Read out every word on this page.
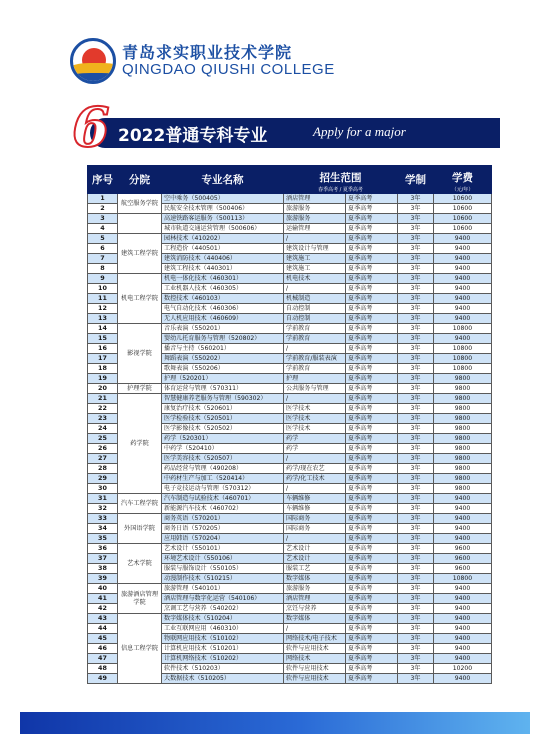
青岛求实职业技术学院
QINGDAO QIUSHI COLLEGE
6 2022普通专科专业	Apply for a major
序号	分院	专业名称	招生范围
春季高考 / 夏季高考		学制	学费
（元/年）

1	航空服务学院	空中乘务（500405）	酒店管理	夏季高考	3年	10600
2		民航安全技术管理（500406）	旅游服务	夏季高考	3年	10600
3		高速铁路客运服务（500113）	旅游服务	夏季高考	3年	10600
4		城市轨道交通运营管理（500606）	运输管理	夏季高考	3年	10600
5	建筑工程学院	园林技术（410202）	/	夏季高考	3年	9400
6		工程造价（440501）	建筑设计与管理	夏季高考	3年	9400
7		建筑消防技术（440406）	建筑施工	夏季高考	3年	9400
8		建筑工程技术（440301）	建筑施工	夏季高考	3年	9400
9	机电工程学院	机电一体化技术（460301）	机电技术	夏季高考	3年	9400
10		工业机器人技术（460305）	/	夏季高考	3年	9400
11		数控技术（460103）	机械制造	夏季高考	3年	9400
12		电气自动化技术（460306）	自动控制	夏季高考	3年	9400
13		无人机应用技术（460609）	自动控制	夏季高考	3年	9400
14	影视学院	音乐表演（550201）	学前教育	夏季高考	3年	10800
15		婴幼儿托育服务与管理（520802）	学前教育	夏季高考	3年	9400
16		播音与主持（560201）	/	夏季高考	3年	10800
17		舞蹈表演（550202）	学前教育/服装表演	夏季高考	3年	10800
18		歌舞表演（550206）	学前教育	夏季高考	3年	10800
19		护理（520201）	护理	夏季高考	3年	9800
20	护理学院	体育运营与管理（570311）	公共服务与管理	夏季高考	3年	9800
21	药学院	智慧健康养老服务与管理（590302）	/	夏季高考	3年	9800
22		康复治疗技术（520601）	医学技术	夏季高考	3年	9800
23		医学检验技术（520501）	医学技术	夏季高考	3年	9800
24		医学影像技术（520502）	医学技术	夏季高考	3年	9800
25		药学（520301）	药学	夏季高考	3年	9800
26		中药学（520410）	药学	夏季高考	3年	9800
27		医学美容技术（520507）	/	夏季高考	3年	9800
28		药品经营与管理（490208）	药学/现在农艺	夏季高考	3年	9800
29		中药材生产与加工（520414）	药学/化工技术	夏季高考	3年	9800
30		电子竞技运动与管理（570312）	/	夏季高考	3年	9800
31	汽车工程学院	汽车制造与试验技术（460701）	车辆维修	夏季高考	3年	9400
32		新能源汽车技术（460702）	车辆维修	夏季高考	3年	9400
33	外国语学院	商务英语（570201）	国际商务	夏季高考	3年	9400
34		商务日语（570205）	国际商务	夏季高考	3年	9400
35		应用韩语（570204）	/	夏季高考	3年	9400
36	艺术学院	艺术设计（550101）	艺术设计	夏季高考	3年	9600
37		环境艺术设计（550106）	艺术设计	夏季高考	3年	9600
38		服装与服饰设计（550105）	服装工艺	夏季高考	3年	9600
39		动漫制作技术（510215）	数字媒体	夏季高考	3年	10800
40	旅游酒店管理学院	旅游管理（540101）	旅游服务	夏季高考	3年	9400
41		酒店管理与数字化运营（540106）	酒店管理	夏季高考	3年	9400
42		烹调工艺与营养（540202）	烹饪与营养	夏季高考	3年	9400
43	信息工程学院	数字媒体技术（510204）	数字媒体	夏季高考	3年	9400
44		工业互联网应用（460310）	/	夏季高考	3年	9400
45		物联网应用技术（510102）	网络技术/电子技术	夏季高考	3年	9400
46		计算机应用技术（510201）	软件与应用技术	夏季高考	3年	9400
47		计算机网络技术（510202）	网络技术	夏季高考	3年	9400
48		软件技术（510203）	软件与应用技术	夏季高考	3年	10200
49		大数据技术（510205）	软件与应用技术	夏季高考	3年	9400
